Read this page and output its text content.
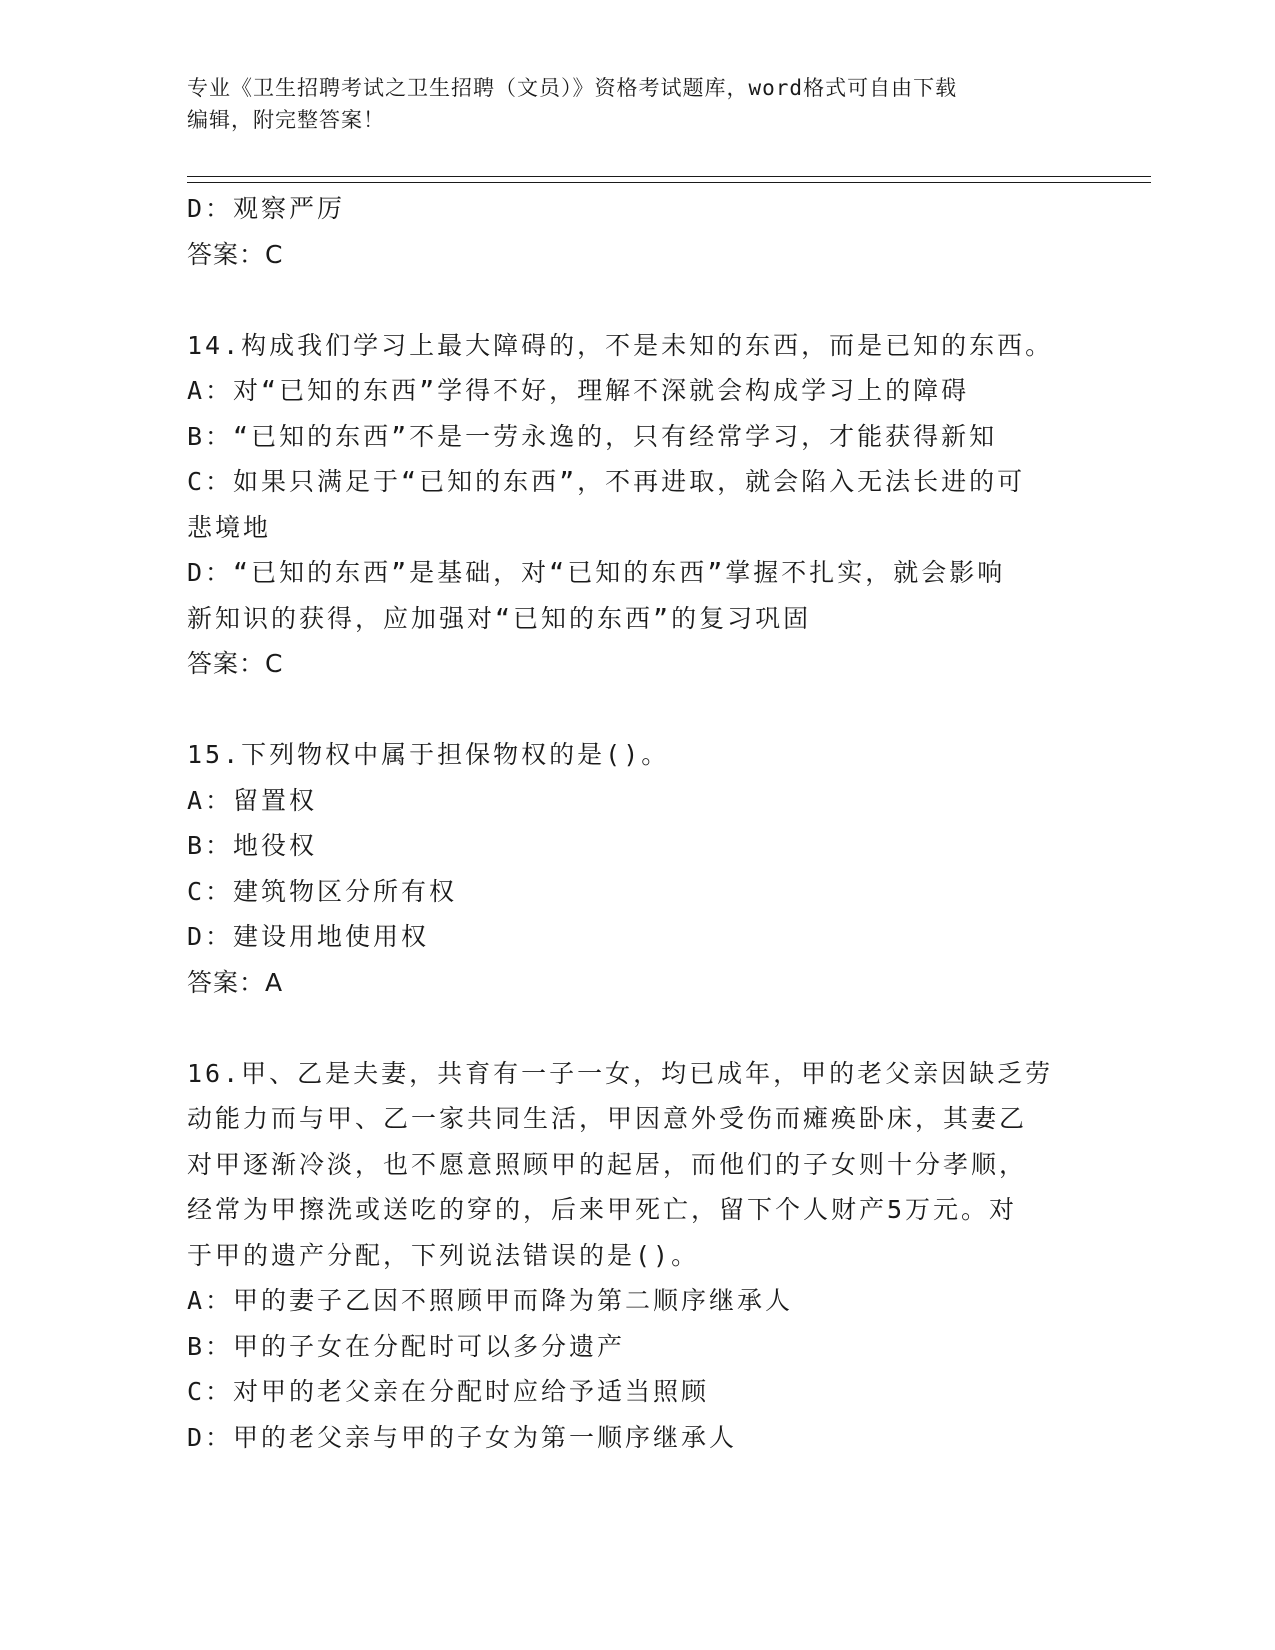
专业《卫生招聘考试之卫生招聘（文员）》资格考试题库，word格式可自由下载
编辑，附完整答案！

D：观察严厉

答案：C

14.构成我们学习上最大障碍的，不是未知的东西，而是已知的东西。

A：对“已知的东西”学得不好，理解不深就会构成学习上的障碍

B：“已知的东西”不是一劳永逸的，只有经常学习，才能获得新知

C：如果只满足于“已知的东西”，不再进取，就会陷入无法长进的可

悲境地

D：“已知的东西”是基础，对“已知的东西”掌握不扎实，就会影响

新知识的获得，应加强对“已知的东西”的复习巩固

答案：C

15.下列物权中属于担保物权的是()。

A：留置权

B：地役权

C：建筑物区分所有权

D：建设用地使用权

答案：A

16.甲、乙是夫妻，共育有一子一女，均已成年，甲的老父亲因缺乏劳

动能力而与甲、乙一家共同生活，甲因意外受伤而瘫痪卧床，其妻乙

对甲逐渐冷淡，也不愿意照顾甲的起居，而他们的子女则十分孝顺，

经常为甲擦洗或送吃的穿的，后来甲死亡，留下个人财产5万元。对

于甲的遗产分配，下列说法错误的是()。

A：甲的妻子乙因不照顾甲而降为第二顺序继承人

B：甲的子女在分配时可以多分遗产

C：对甲的老父亲在分配时应给予适当照顾

D：甲的老父亲与甲的子女为第一顺序继承人
